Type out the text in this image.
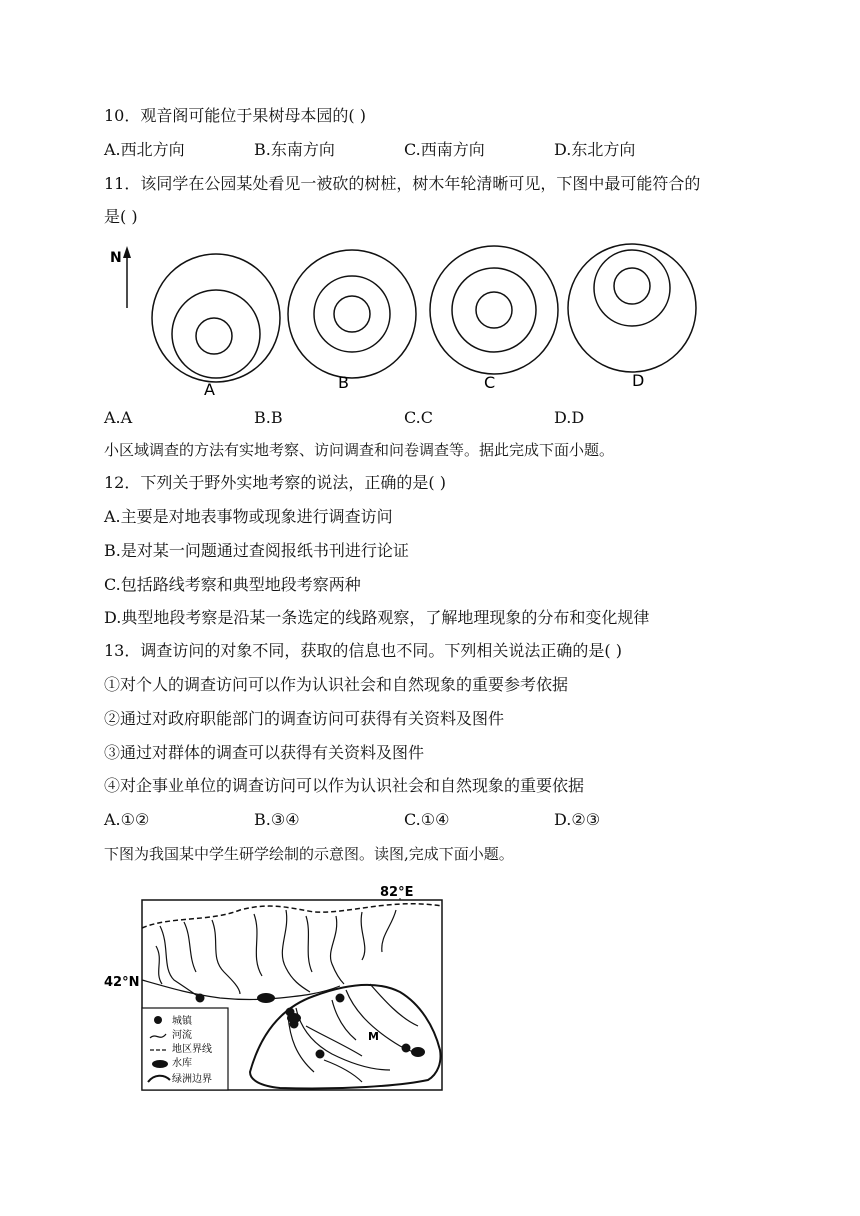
10．观音阁可能位于果树母本园的( )
A.西北方向	B.东南方向	C.西南方向	D.东北方向
11．该同学在公园某处看见一被砍的树桩，树木年轮清晰可见，下图中最可能符合的
是( )
N
A	B	C	D
A.A	B.B	C.C	D.D
小区域调查的方法有实地考察、访问调查和问卷调查等。据此完成下面小题。
12．下列关于野外实地考察的说法，正确的是( )
A.主要是对地表事物或现象进行调查访问
B.是对某一问题通过查阅报纸书刊进行论证
C.包括路线考察和典型地段考察两种
D.典型地段考察是沿某一条选定的线路观察，了解地理现象的分布和变化规律
13．调查访问的对象不同，获取的信息也不同。下列相关说法正确的是( )
①对个人的调查访问可以作为认识社会和自然现象的重要参考依据
②通过对政府职能部门的调查访问可获得有关资料及图件
③通过对群体的调查可以获得有关资料及图件
④对企事业单位的调查访问可以作为认识社会和自然现象的重要依据
A.①②	B.③④	C.①④	D.②③
下图为我国某中学生研学绘制的示意图。读图,完成下面小题。
82°E
42°N
M
城镇
河流
地区界线
水库
绿洲边界
